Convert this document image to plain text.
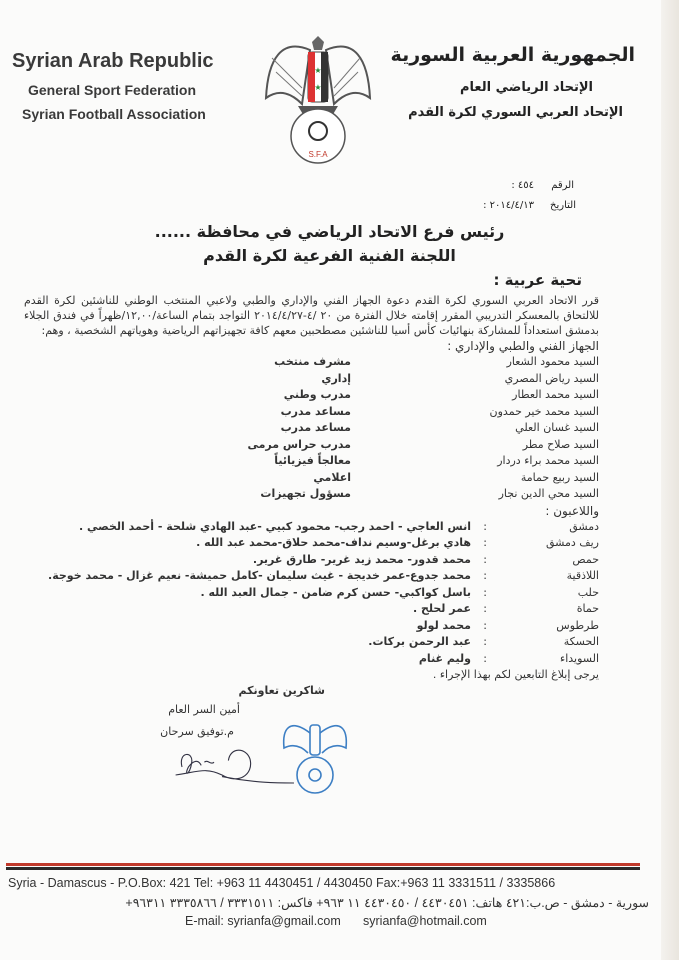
Syrian Arab Republic
General Sport Federation
Syrian Football Association
★
★
S.F.A
الجمهورية العربية السورية
الإتحاد الرياضي العام
الإتحاد العربي السوري لكرة القدم
الرقم
٤٥٤ :
التاريخ
٢٠١٤/٤/١٣ :
رئيس فرع الاتحاد الرياضي في محافظة ......
اللجنة الفنية الفرعية لكرة القدم
تحية عربية :
قرر الاتحاد العربي السوري لكرة القدم دعوة الجهاز الفني والإداري والطبي ولاعبي المنتخب الوطني للناشئين لكرة القدم للالتحاق بالمعسكر التدريبي المقرر إقامته خلال الفترة من ٢٠ /٤-٢٠١٤/٤/٢٧ التواجد بتمام الساعة/١٢,٠٠/ظهراً في فندق الجلاء بدمشق استعداداً للمشاركة بنهائيات كأس أسيا للناشئين مصطحبين معهم كافة تجهيزاتهم الرياضية وهوياتهم الشخصية ، وهم:
الجهاز الفني والطبي والإداري :
السيد محمود الشعار
مشرف منتخب
السيد رياض المصري
إداري
السيد محمد العطار
مدرب وطني
السيد محمد خير حمدون
مساعد مدرب
السيد غسان العلي
مساعد مدرب
السيد صلاح مطر
مدرب حراس مرمى
السيد محمد براء دردار
معالجاً فيزيائياً
السيد ربيع حمامة
اعلامي
السيد محي الدين نجار
مسؤول تجهيزات
واللاعبون :
دمشق
:
انس العاجي - احمد رجب- محمود كبيي -عبد الهادي شلحة - أحمد الخصي .
ريف دمشق
:
هادي برغل-وسيم نداف-محمد حلاق-محمد عبد الله .
حمص
:
محمد قدور- محمد زيد غرير- طارق غرير.
اللاذقية
:
محمد جدوع-عمر خديجة - غيث سليمان -كامل حميشة- نعيم غزال - محمد خوجة.
حلب
:
باسل كواكبي- حسن كرم ضامن - جمال العبد الله .
حماة
:
عمر لحلح .
طرطوس
:
محمد لولو
الحسكة
:
عبد الرحمن بركات.
السويداء
:
وليم غنام
يرجى إبلاغ التابعين لكم بهذا الإجراء .
شاكرين تعاونكم
أمين السر العام
م.توفيق سرحان
Syria - Damascus - P.O.Box: 421 Tel: +963 11 4430451 / 4430450 Fax:+963 11 3331511 / 3335866
سورية - دمشق - ص.ب:٤٢١ هاتف: ٤٤٣٠٤٥١ / ٤٤٣٠٤٥٠ ١١ ٩٦٣+ فاكس: ٣٣٣١٥١١ / ٣٣٣٥٨٦٦ ٩٦٣١١+
E-mail: syrianfa@gmail.com syrianfa@hotmail.com
